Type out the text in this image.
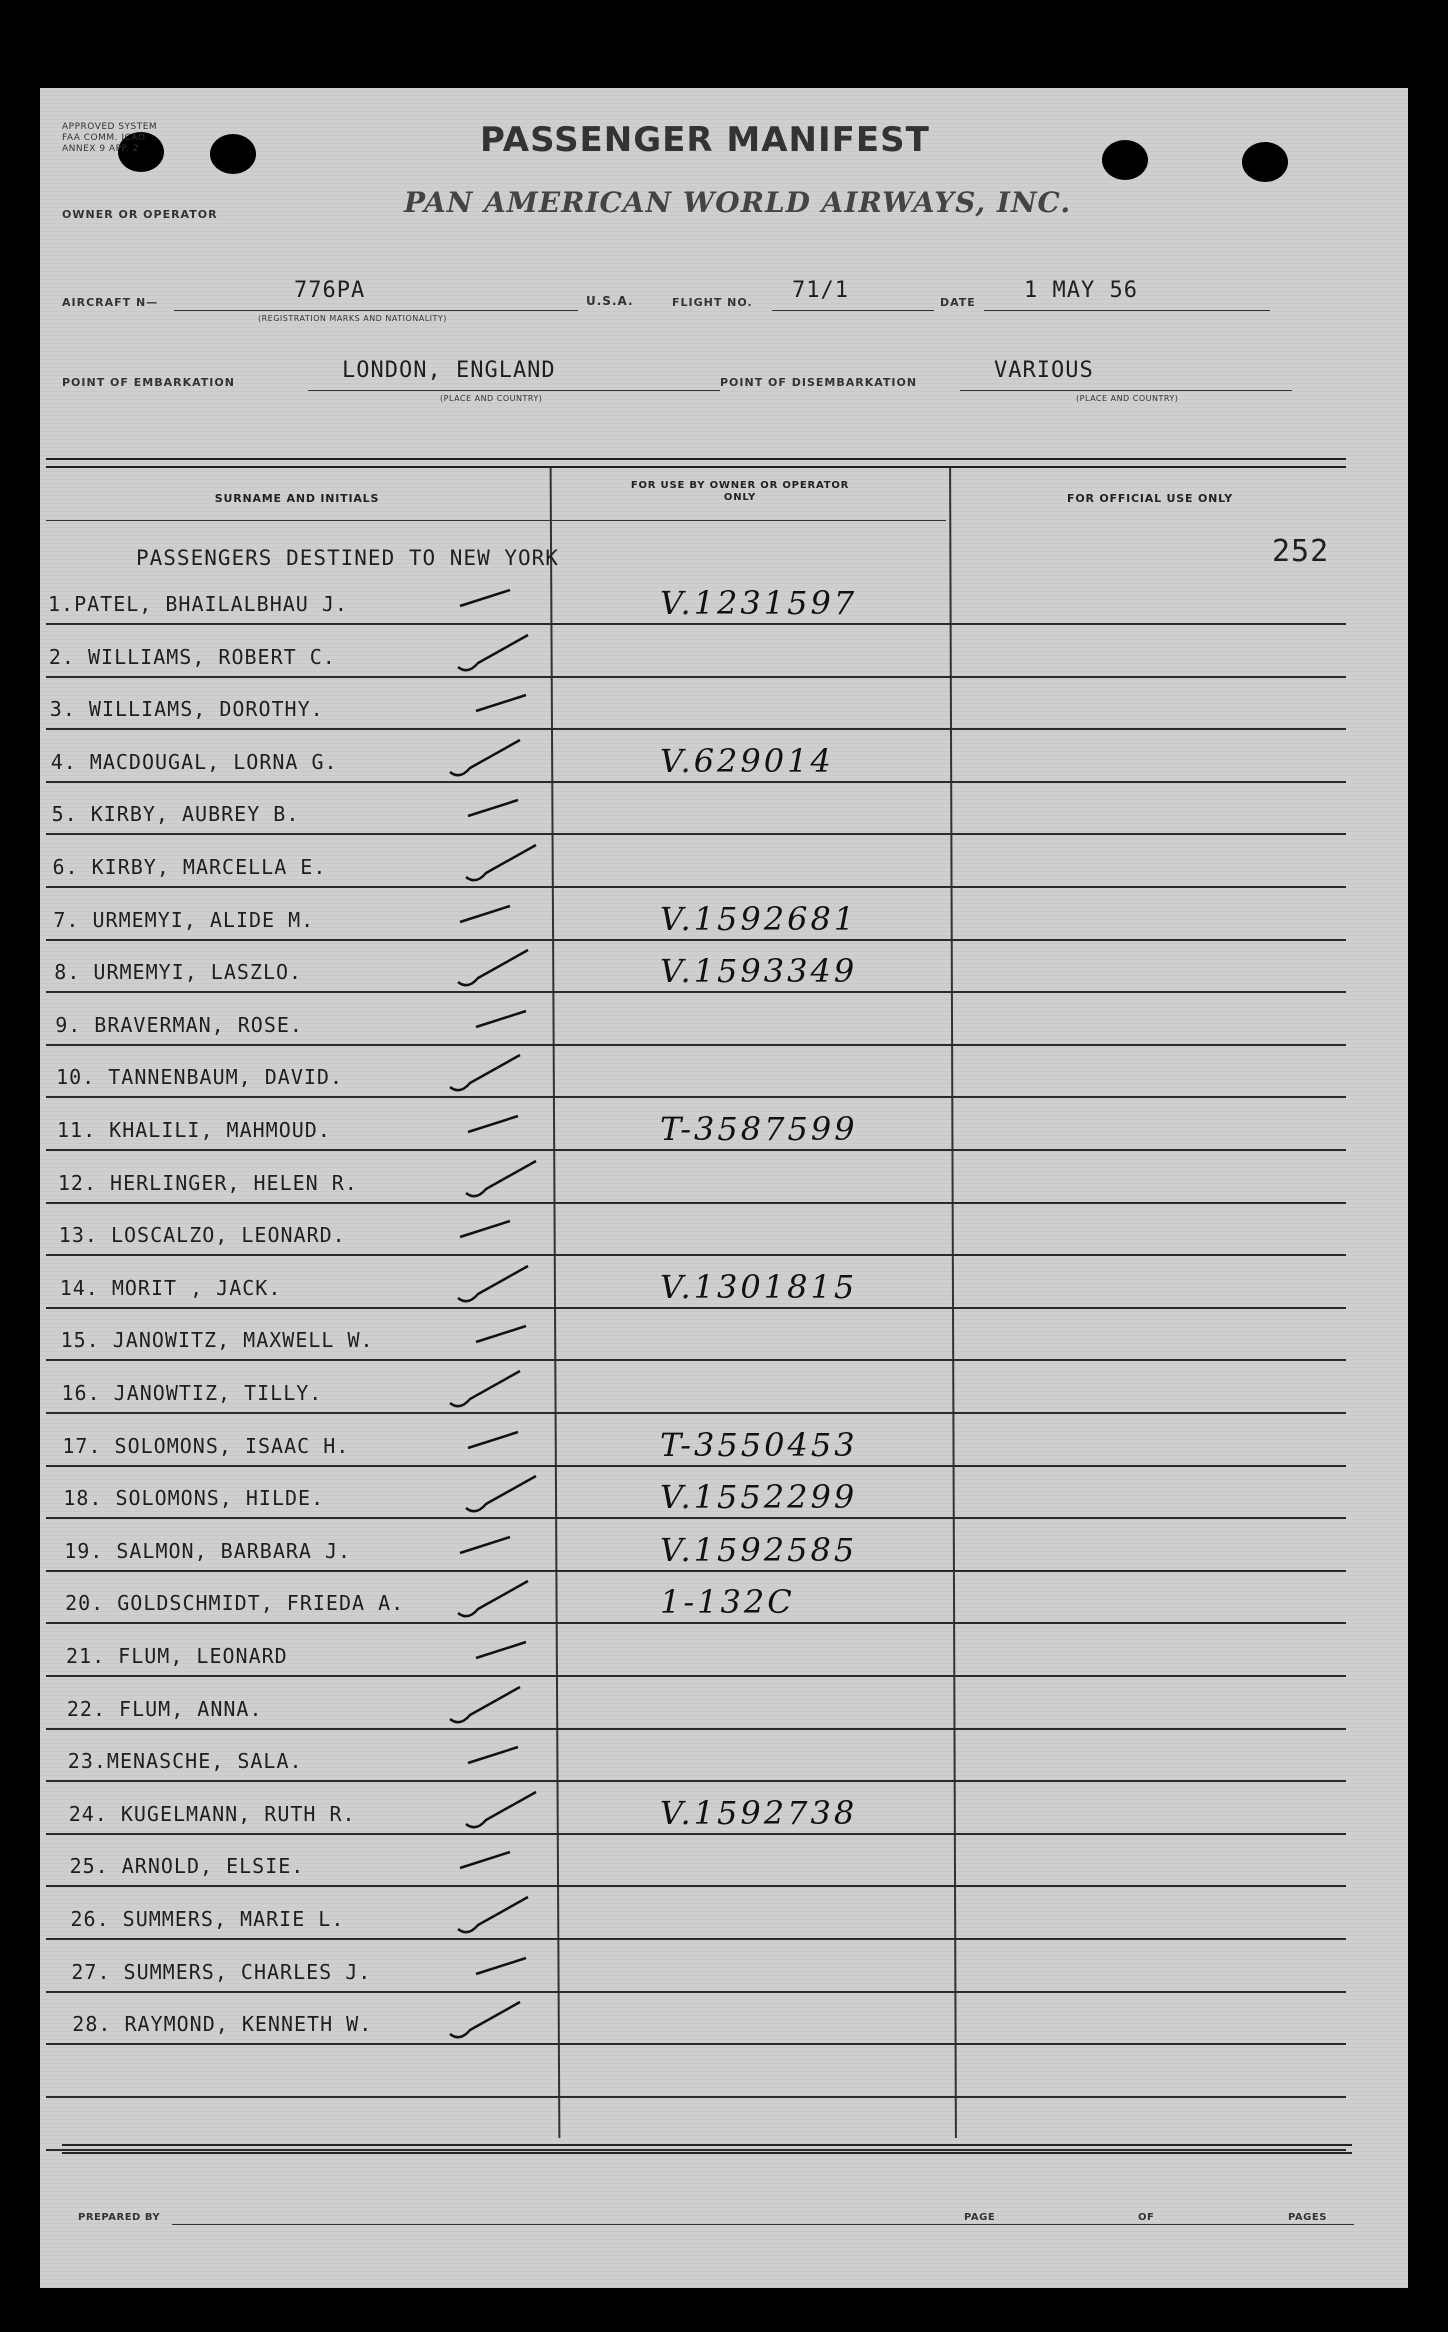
APPROVED SYSTEM FAA COMM. ICAO ANNEX 9 APP. 2	PASSENGER MANIFEST
OWNER OR OPERATOR	PAN AMERICAN WORLD AIRWAYS, INC.
AIRCRAFT N—	776PA
(REGISTRATION MARKS AND NATIONALITY)
U.S.A.	FLIGHT NO. 71/1	DATE 1 MAY 56
POINT OF EMBARKATION	LONDON, ENGLAND
(PLACE AND COUNTRY)
POINT OF DISEMBARKATION	VARIOUS
(PLACE AND COUNTRY)
SURNAME AND INITIALS
FOR USE BY OWNER OR OPERATOR ONLY	FOR OFFICIAL USE ONLY
PASSENGERS DESTINED TO NEW YORK	252
1.PATEL, BHAILALBHAU J.	V.1231597
2. WILLIAMS, ROBERT C.
3. WILLIAMS, DOROTHY.
4. MACDOUGAL, LORNA G.	V.629014
5. KIRBY, AUBREY B.
6. KIRBY, MARCELLA E.
7. URMEMYI, ALIDE M.	V.1592681
8. URMEMYI, LASZLO.	V.1593349
9. BRAVERMAN, ROSE.
10. TANNENBAUM, DAVID.
11. KHALILI, MAHMOUD.	T-3587599
12. HERLINGER, HELEN R.
13. LOSCALZO, LEONARD.
14. MORIT , JACK.	V.1301815
15. JANOWITZ, MAXWELL W.
16. JANOWTIZ, TILLY.
17. SOLOMONS, ISAAC H.	T-3550453
18. SOLOMONS, HILDE.	V.1552299
19. SALMON, BARBARA J.	V.1592585
20. GOLDSCHMIDT, FRIEDA A.	1-132C
21. FLUM, LEONARD
22. FLUM, ANNA.
23.MENASCHE, SALA.
24. KUGELMANN, RUTH R.	V.1592738
25. ARNOLD, ELSIE.
26. SUMMERS, MARIE L.
27. SUMMERS, CHARLES J.
28. RAYMOND, KENNETH W.
PREPARED BY	PAGE	OF	PAGES
